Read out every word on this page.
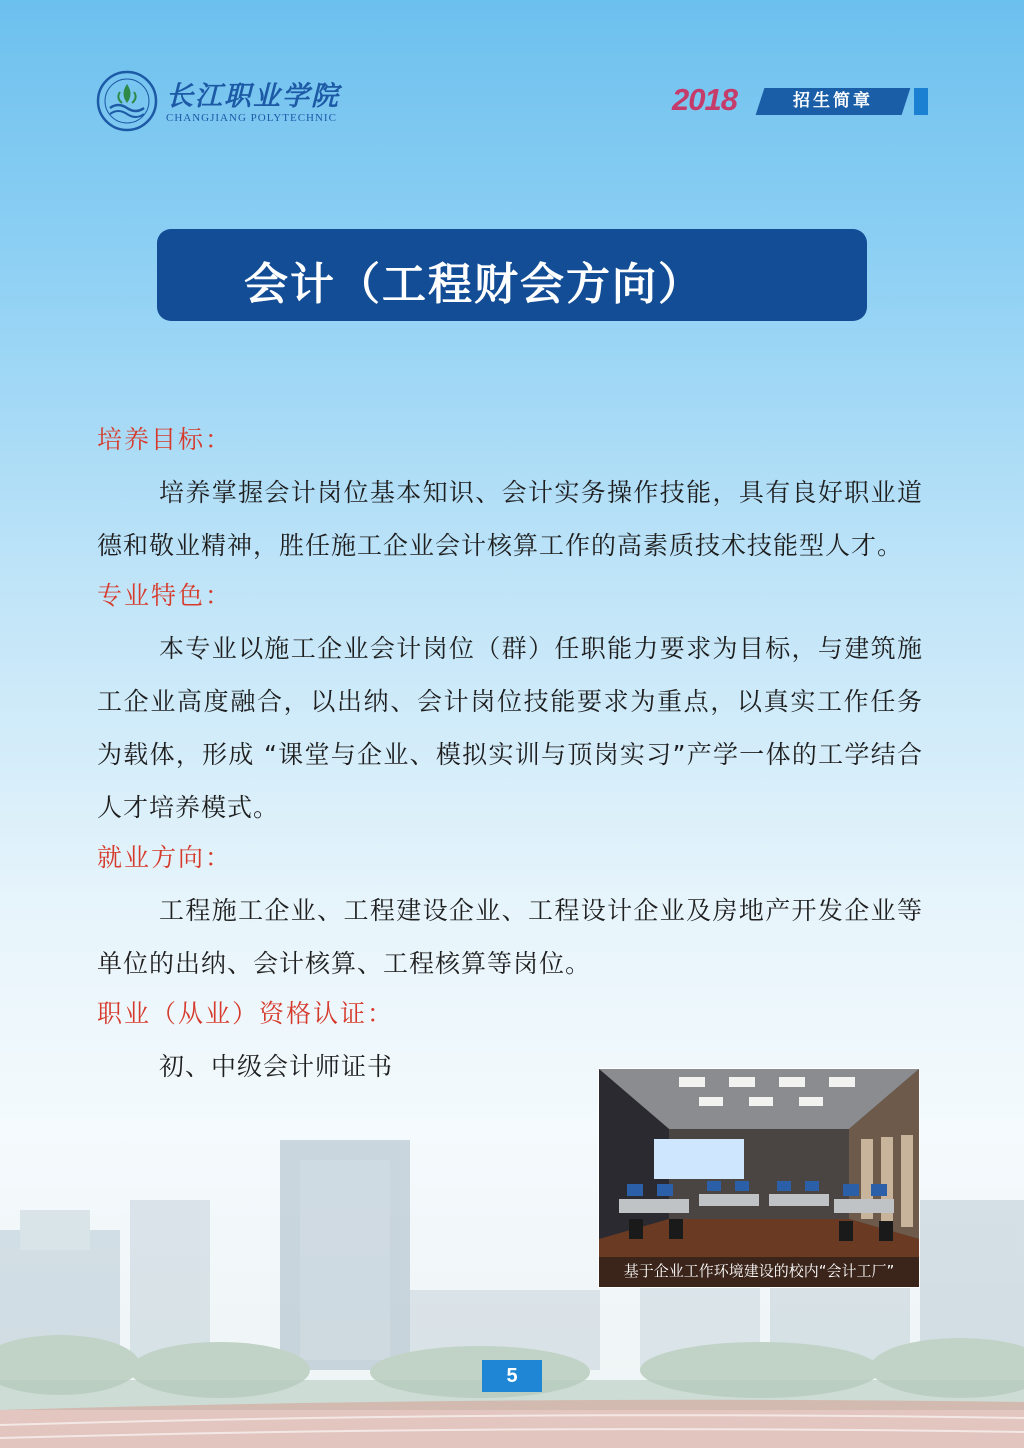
长江职业学院
CHANGJIANG POLYTECHNIC
2018	招生简章
会计（工程财会方向）
培养目标：

培养掌握会计岗位基本知识、会计实务操作技能，具有良好职业道德和敬业精神，胜任施工企业会计核算工作的高素质技术技能型人才。

专业特色：

本专业以施工企业会计岗位（群）任职能力要求为目标，与建筑施工企业高度融合，以出纳、会计岗位技能要求为重点，以真实工作任务为载体，形成 “课堂与企业、模拟实训与顶岗实习”产学一体的工学结合人才培养模式。

就业方向：

工程施工企业、工程建设企业、工程设计企业及房地产开发企业等单位的出纳、会计核算、工程核算等岗位。

职业（从业）资格认证：

初、中级会计师证书

基于企业工作环境建设的校内“会计工厂”
5
